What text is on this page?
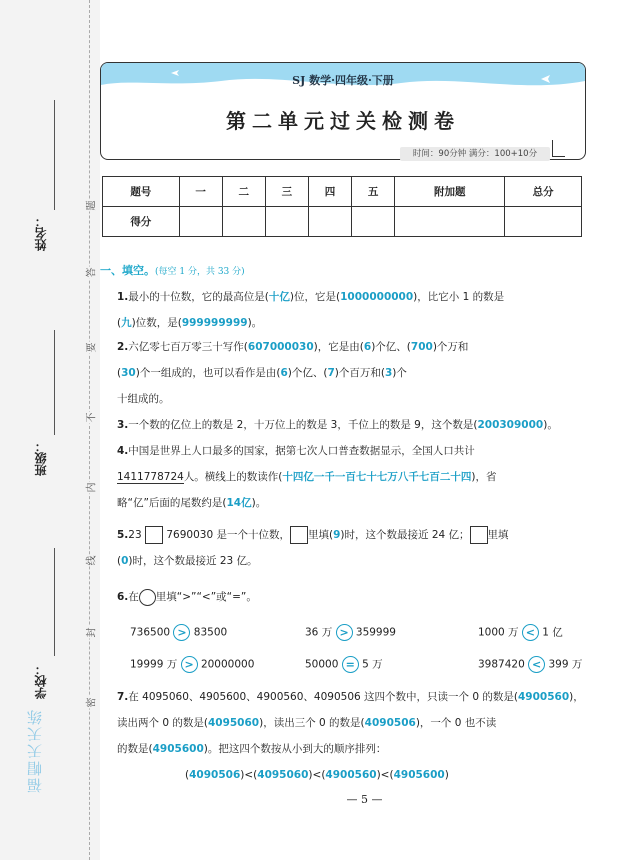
姓名：
班级：
学校：
题
答
要
不
内
线
封
密
福帽天天练
SJ 数学·四年级·下册
第二单元过关检测卷
时间：90分钟 满分：100+10分
题号	一	二	三	四	五	附加题	总分
得分							
一、填空。(每空 1 分，共 33 分)
1.最小的十位数，它的最高位是(十亿)位，它是(1000000000)，比它小 1 的数是
(九)位数，是(999999999)。
2.六亿零七百万零三十写作(607000030)，它是由(6)个亿、(700)个万和
(30)个一组成的，也可以看作是由(6)个亿、(7)个百万和(3)个
十组成的。
3.一个数的亿位上的数是 2，十万位上的数是 3，千位上的数是 9，这个数是(200309000)。
4.中国是世界上人口最多的国家，据第七次人口普查数据显示，全国人口共计
1411778724人。横线上的数读作(十四亿一千一百七十七万八千七百二十四)，省
略“亿”后面的尾数约是(14亿)。
5.23 7690030 是一个十位数， 里填(9)时，这个数最接近 24 亿； 里填
(0)时，这个数最接近 23 亿。
6.在 里填“>”“<”或“=”。
736500 > 83500	36 万 > 359999	1000 万 < 1 亿
19999 万 > 20000000	50000 = 5 万	3987420 < 399 万
7.在 4095060、4905600、4900560、4090506 这四个数中，只读一个 0 的数是(4900560)，
读出两个 0 的数是(4095060)，读出三个 0 的数是(4090506)，一个 0 也不读
的数是(4905600)。把这四个数按从小到大的顺序排列：
(4090506)<(4095060)<(4900560)<(4905600)
— 5 —
